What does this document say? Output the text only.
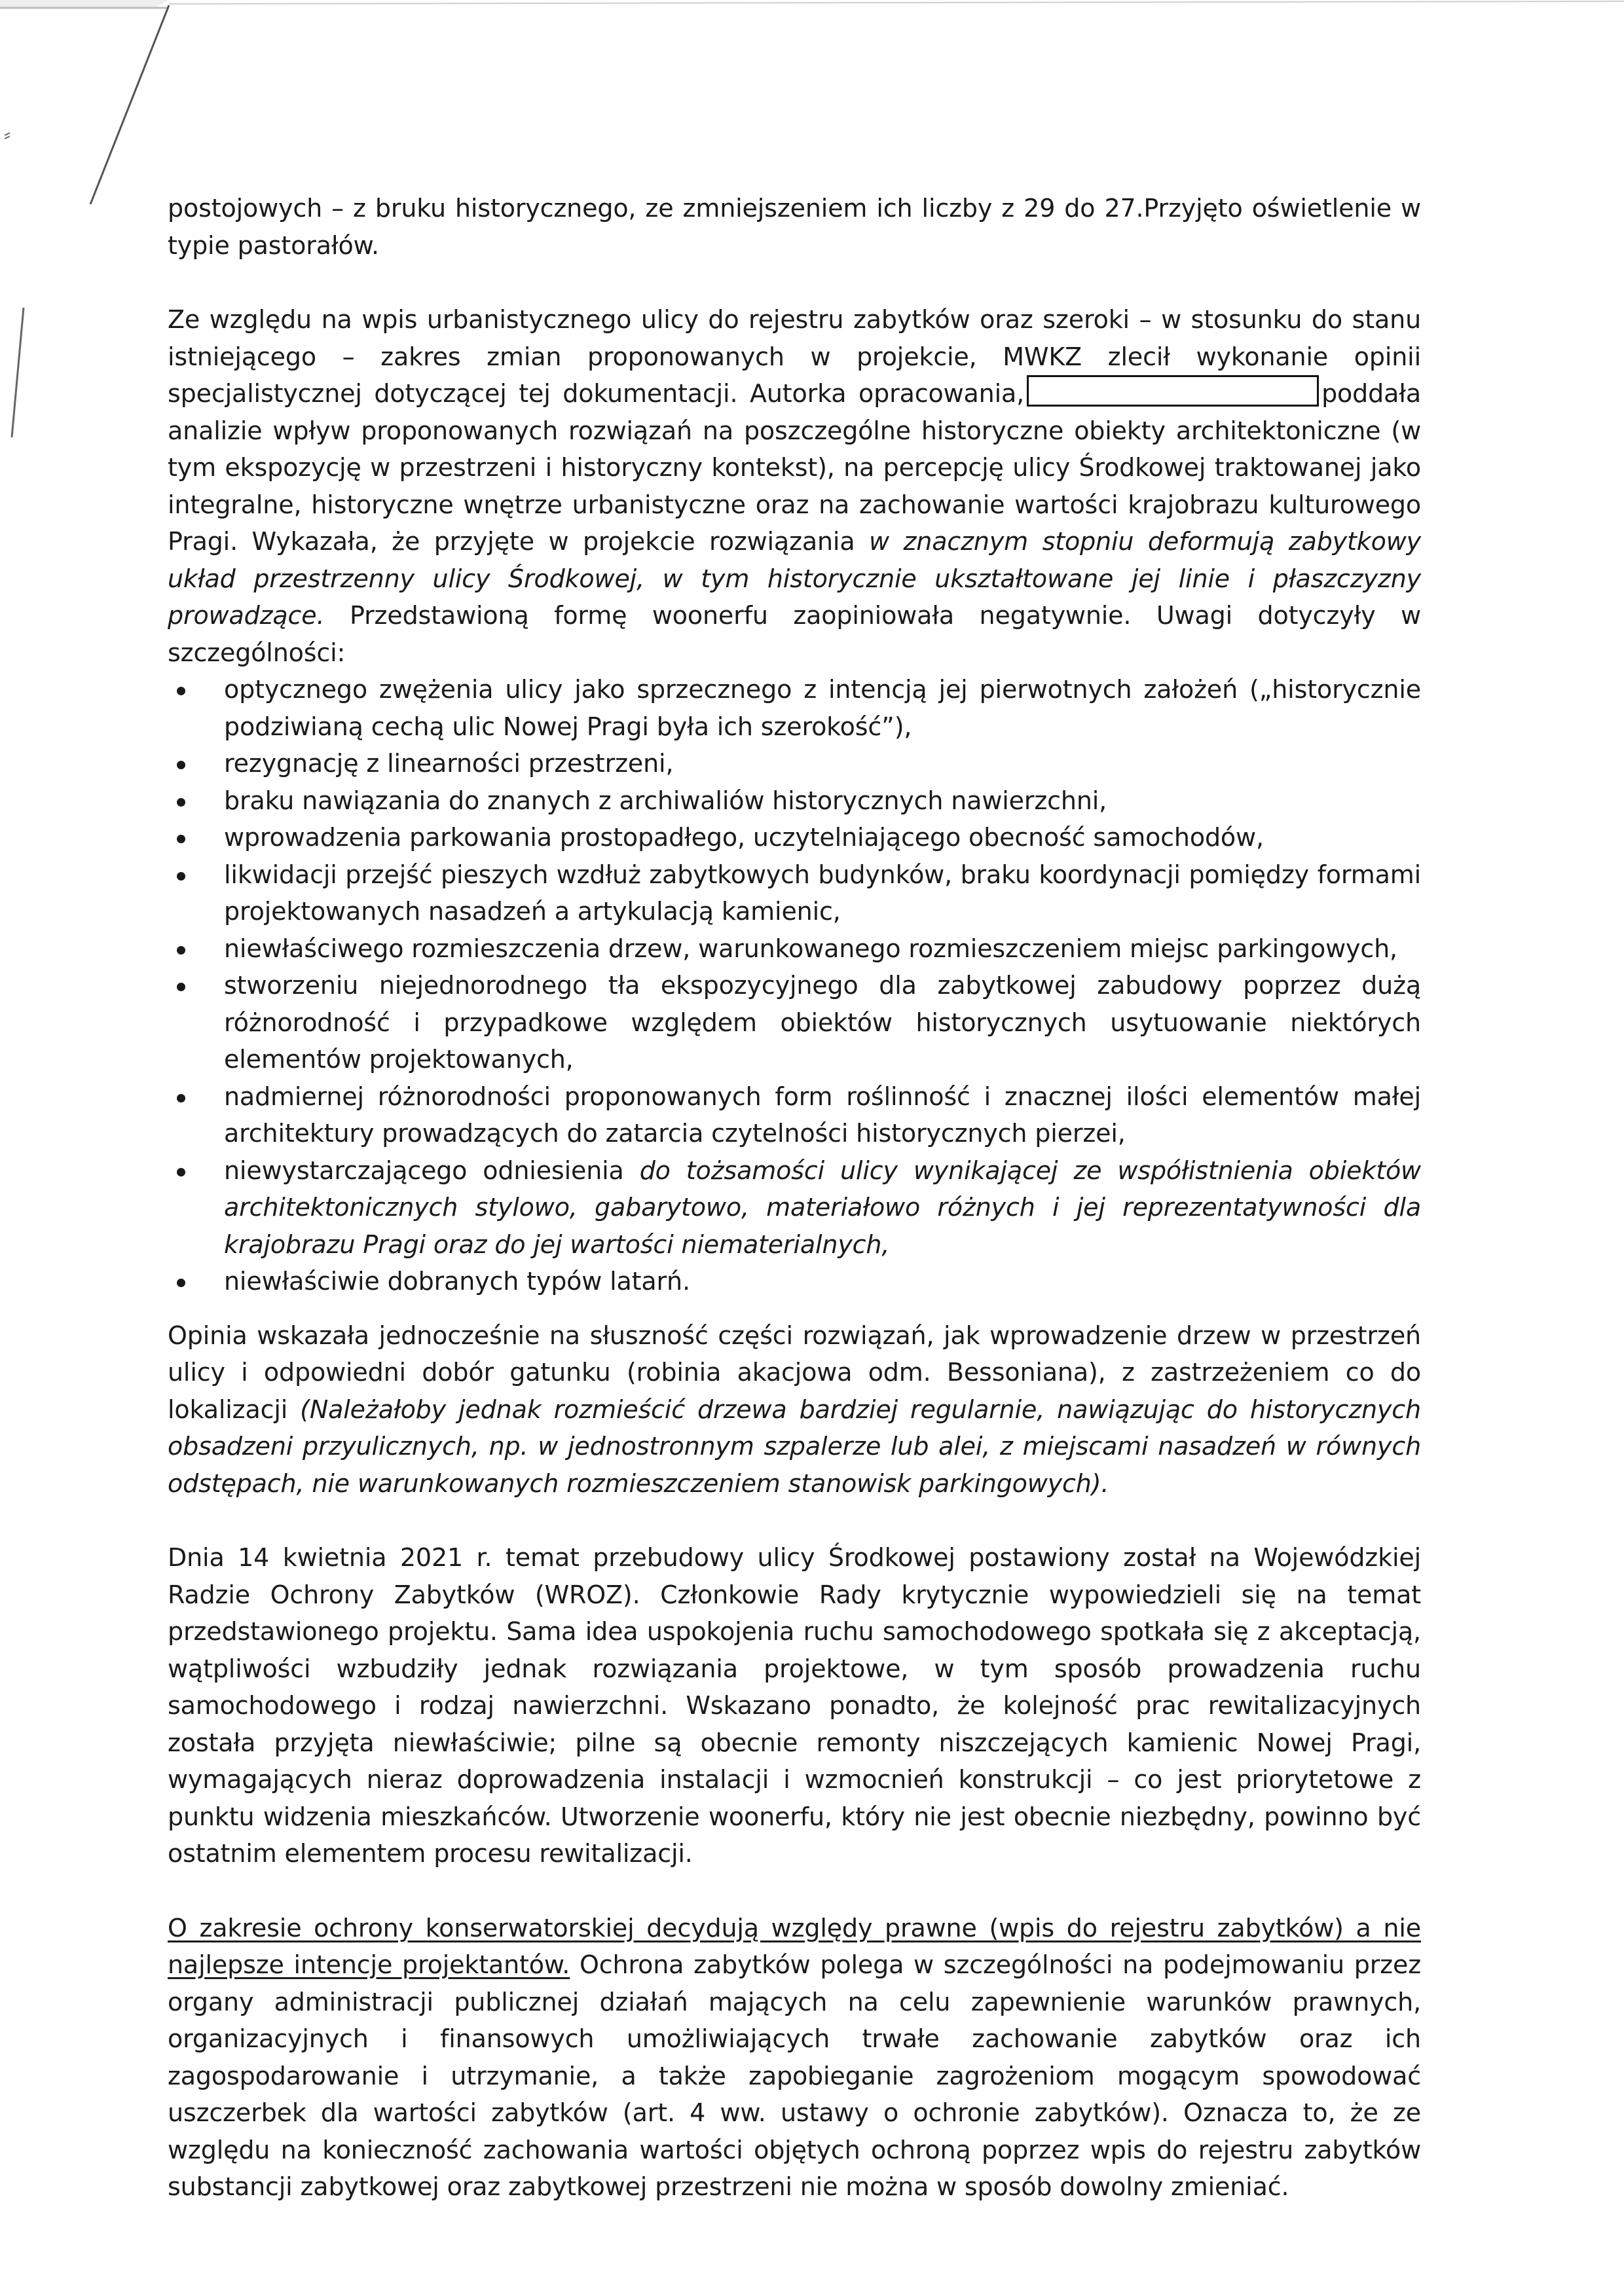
⸗

postojowych – z bruku historycznego, ze zmniejszeniem ich liczby z 29 do 27.Przyjęto oświetlenie w typie pastorałów.

Ze względu na wpis urbanistycznego ulicy do rejestru zabytków oraz szeroki – w stosunku do stanu istniejącego – zakres zmian proponowanych w projekcie, MWKZ zlecił wykonanie opinii specjalistycznej dotyczącej tej dokumentacji. Autorka opracowania,	poddała analizie wpływ proponowanych rozwiązań na poszczególne historyczne obiekty architektoniczne (w tym ekspozycję w przestrzeni i historyczny kontekst), na percepcję ulicy Środkowej traktowanej jako integralne, historyczne wnętrze urbanistyczne oraz na zachowanie wartości krajobrazu kulturowego Pragi. Wykazała, że przyjęte w projekcie rozwiązania w znacznym stopniu deformują zabytkowy układ przestrzenny ulicy Środkowej, w tym historycznie ukształtowane jej linie i płaszczyzny prowadzące. Przedstawioną formę woonerfu zaopiniowała negatywnie. Uwagi dotyczyły w szczególności:

optycznego zwężenia ulicy jako sprzecznego z intencją jej pierwotnych założeń („historycznie podziwianą cechą ulic Nowej Pragi była ich szerokość”),
rezygnację z linearności przestrzeni,
braku nawiązania do znanych z archiwaliów historycznych nawierzchni,
wprowadzenia parkowania prostopadłego, uczytelniającego obecność samochodów,
likwidacji przejść pieszych wzdłuż zabytkowych budynków, braku koordynacji pomiędzy formami projektowanych nasadzeń a artykulacją kamienic,
niewłaściwego rozmieszczenia drzew, warunkowanego rozmieszczeniem miejsc parkingowych,
stworzeniu niejednorodnego tła ekspozycyjnego dla zabytkowej zabudowy poprzez dużą różnorodność i przypadkowe względem obiektów historycznych usytuowanie niektórych elementów projektowanych,
nadmiernej różnorodności proponowanych form roślinność i znacznej ilości elementów małej architektury prowadzących do zatarcia czytelności historycznych pierzei,
niewystarczającego odniesienia do tożsamości ulicy wynikającej ze współistnienia obiektów architektonicznych stylowo, gabarytowo, materiałowo różnych i jej reprezentatywności dla krajobrazu Pragi oraz do jej wartości niematerialnych,
niewłaściwie dobranych typów latarń.

Opinia wskazała jednocześnie na słuszność części rozwiązań, jak wprowadzenie drzew w przestrzeń ulicy i odpowiedni dobór gatunku (robinia akacjowa odm. Bessoniana), z zastrzeżeniem co do lokalizacji (Należałoby jednak rozmieścić drzewa bardziej regularnie, nawiązując do historycznych obsadzeni przyulicznych, np. w jednostronnym szpalerze lub alei, z miejscami nasadzeń w równych odstępach, nie warunkowanych rozmieszczeniem stanowisk parkingowych).

Dnia 14 kwietnia 2021 r. temat przebudowy ulicy Środkowej postawiony został na Wojewódzkiej Radzie Ochrony Zabytków (WROZ). Członkowie Rady krytycznie wypowiedzieli się na temat przedstawionego projektu. Sama idea uspokojenia ruchu samochodowego spotkała się z akceptacją, wątpliwości wzbudziły jednak rozwiązania projektowe, w tym sposób prowadzenia ruchu samochodowego i rodzaj nawierzchni. Wskazano ponadto, że kolejność prac rewitalizacyjnych została przyjęta niewłaściwie; pilne są obecnie remonty niszczejących kamienic Nowej Pragi, wymagających nieraz doprowadzenia instalacji i wzmocnień konstrukcji – co jest priorytetowe z punktu widzenia mieszkańców. Utworzenie woonerfu, który nie jest obecnie niezbędny, powinno być ostatnim elementem procesu rewitalizacji.

O zakresie ochrony konserwatorskiej decydują względy prawne (wpis do rejestru zabytków) a nie najlepsze intencje projektantów. Ochrona zabytków polega w szczególności na podejmowaniu przez organy administracji publicznej działań mających na celu zapewnienie warunków prawnych, organizacyjnych i finansowych umożliwiających trwałe zachowanie zabytków oraz ich zagospodarowanie i utrzymanie, a także zapobieganie zagrożeniom mogącym spowodować uszczerbek dla wartości zabytków (art. 4 ww. ustawy o ochronie zabytków). Oznacza to, że ze względu na konieczność zachowania wartości objętych ochroną poprzez wpis do rejestru zabytków substancji zabytkowej oraz zabytkowej przestrzeni nie można w sposób dowolny zmieniać.
